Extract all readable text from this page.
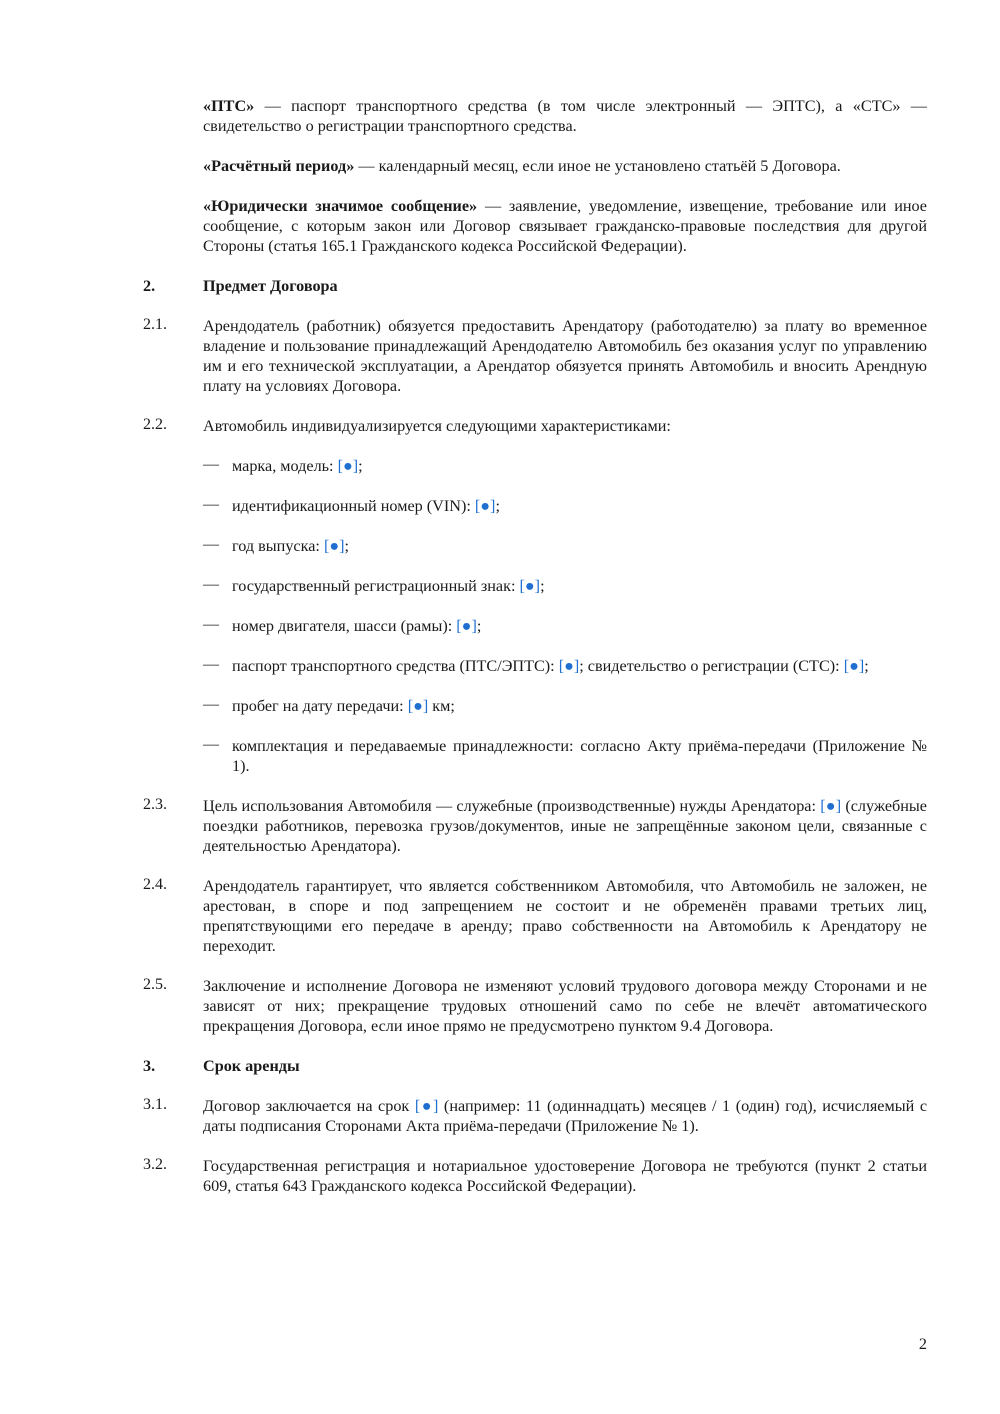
«ПТС» — паспорт транспортного средства (в том числе электронный — ЭПТС), а «СТС» — свидетельство о регистрации транспортного средства.

«Расчётный период» — календарный месяц, если иное не установлено статьёй 5 Договора.

«Юридически значимое сообщение» — заявление, уведомление, извещение, требование или иное сообщение, с которым закон или Договор связывает гражданско-правовые последствия для другой Стороны (статья 165.1 Гражданского кодекса Российской Федерации).

2.	Предмет Договора
2.1.	Арендодатель (работник) обязуется предоставить Арендатору (работодателю) за плату во временное владение и пользование принадлежащий Арендодателю Автомобиль без оказания услуг по управлению им и его технической эксплуатации, а Арендатор обязуется принять Автомобиль и вносить Арендную плату на условиях Договора.

2.2.	Автомобиль индивидуализируется следующими характеристиками:

— марка, модель: [●];

— идентификационный номер (VIN): [●];

— год выпуска: [●];

— государственный регистрационный знак: [●];

— номер двигателя, шасси (рамы): [●];

— паспорт транспортного средства (ПТС/ЭПТС): [●]; свидетельство о регистрации (СТС): [●];

— пробег на дату передачи: [●] км;

— комплектация и передаваемые принадлежности: согласно Акту приёма-передачи (Приложение № 1).

2.3.	Цель использования Автомобиля — служебные (производственные) нужды Арендатора: [●] (служебные поездки работников, перевозка грузов/документов, иные не запрещённые законом цели, связанные с деятельностью Арендатора).

2.4.	Арендодатель гарантирует, что является собственником Автомобиля, что Автомобиль не заложен, не арестован, в споре и под запрещением не состоит и не обременён правами третьих лиц, препятствующими его передаче в аренду; право собственности на Автомобиль к Арендатору не переходит.

2.5.	Заключение и исполнение Договора не изменяют условий трудового договора между Сторонами и не зависят от них; прекращение трудовых отношений само по себе не влечёт автоматического прекращения Договора, если иное прямо не предусмотрено пунктом 9.4 Договора.

3.	Срок аренды
3.1.	Договор заключается на срок [●] (например: 11 (одиннадцать) месяцев / 1 (один) год), исчисляемый с даты подписания Сторонами Акта приёма-передачи (Приложение № 1).

3.2.	Государственная регистрация и нотариальное удостоверение Договора не требуются (пункт 2 статьи 609, статья 643 Гражданского кодекса Российской Федерации).

2
